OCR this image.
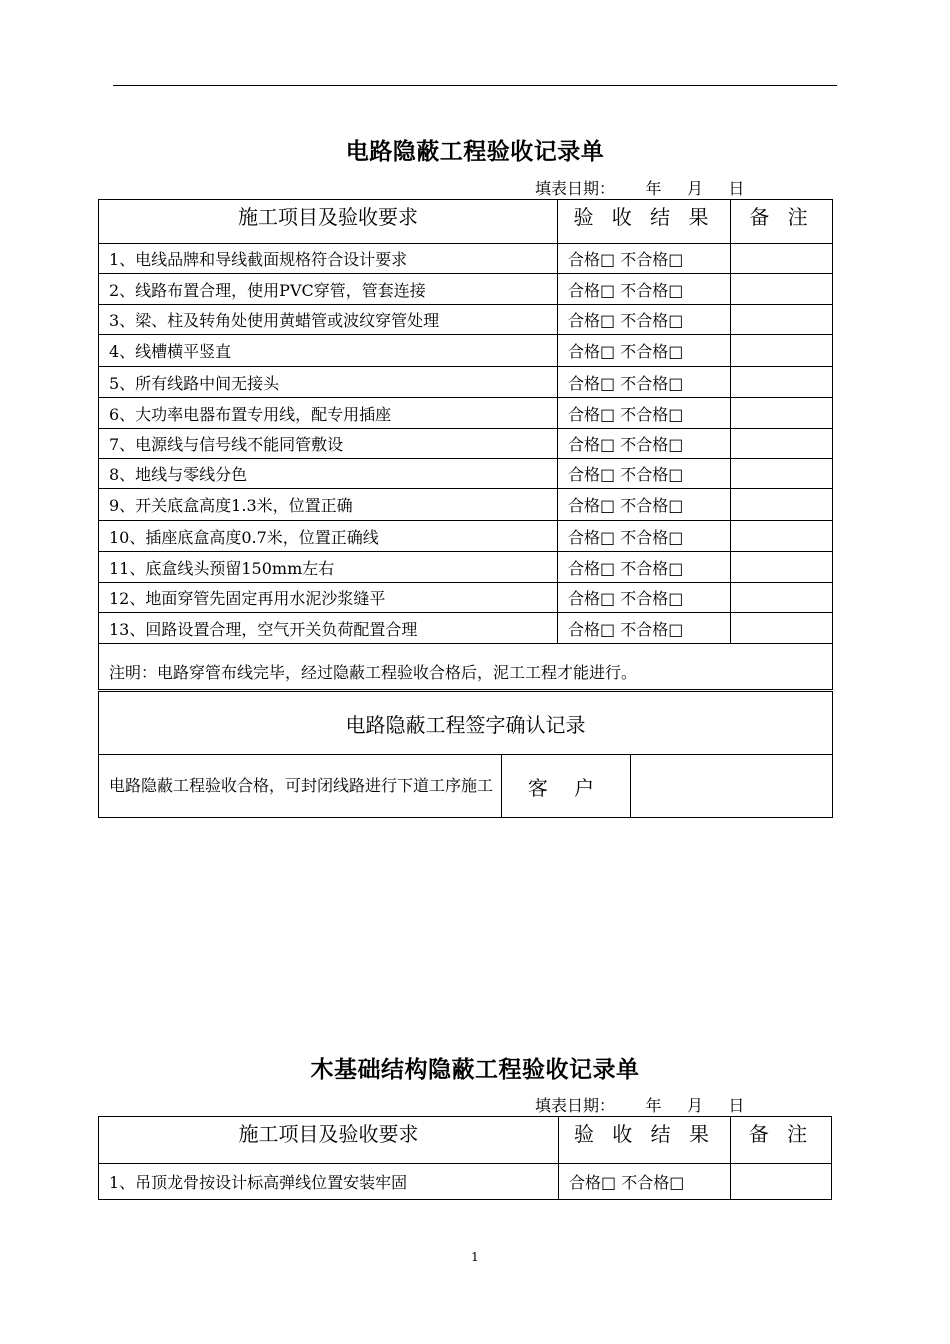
电路隐蔽工程验收记录单
填表日期：      年     月     日
施工项目及验收要求	验 收 结 果	备 注
1、电线品牌和导线截面规格符合设计要求	合格□ 不合格□	
2、线路布置合理，使用PVC穿管，管套连接	合格□ 不合格□	
3、梁、柱及转角处使用黄蜡管或波纹穿管处理	合格□ 不合格□	
4、线槽横平竖直	合格□ 不合格□	
5、所有线路中间无接头	合格□ 不合格□	
6、大功率电器布置专用线，配专用插座	合格□ 不合格□	
7、电源线与信号线不能同管敷设	合格□ 不合格□	
8、地线与零线分色	合格□ 不合格□	
9、开关底盒高度1.3米，位置正确	合格□ 不合格□	
10、插座底盒高度0.7米，位置正确线	合格□ 不合格□	
11、底盒线头预留150mm左右	合格□ 不合格□	
12、地面穿管先固定再用水泥沙浆缝平	合格□ 不合格□	
13、回路设置合理，空气开关负荷配置合理	合格□ 不合格□	
注明：电路穿管布线完毕，经过隐蔽工程验收合格后，泥工工程才能进行。		
电路隐蔽工程签字确认记录
电路隐蔽工程验收合格，可封闭线路进行下道工序施工	客 户	
木基础结构隐蔽工程验收记录单
填表日期：      年     月     日
施工项目及验收要求	验 收 结 果	备 注
1、吊顶龙骨按设计标高弹线位置安装牢固	合格□ 不合格□	
1
